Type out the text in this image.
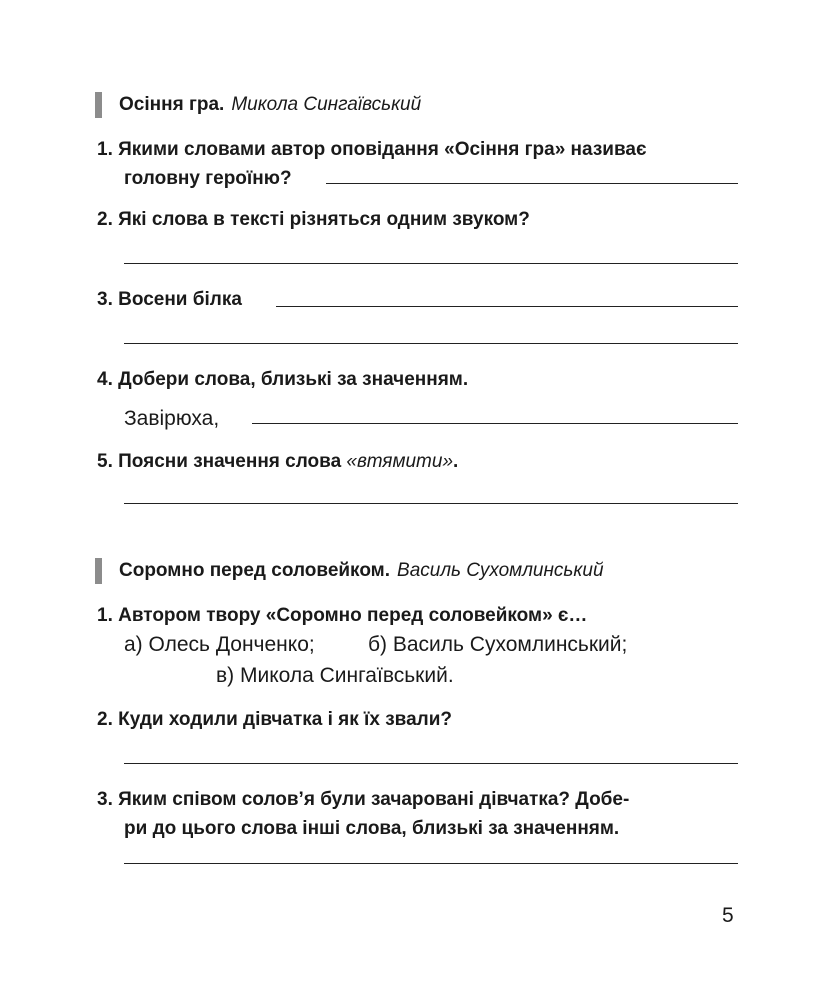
Осіння гра. Микола Сингаївський
1. Якими словами автор оповідання «Осіння гра» називає
головну героїню?
2. Які слова в тексті різняться одним звуком?
3. Восени білка
4. Добери слова, близькі за значенням.
Завірюха,
5. Поясни значення слова «втямити».
Соромно перед соловейком. Василь Сухомлинський
1. Автором твору «Соромно перед соловейком» є…
а) Олесь Донченко;	б) Василь Сухомлинський;
в) Микола Сингаївський.
2. Куди ходили дівчатка і як їх звали?
3. Яким співом солов’я були зачаровані дівчатка? Добе-
ри до цього слова інші слова, близькі за значенням.
5
